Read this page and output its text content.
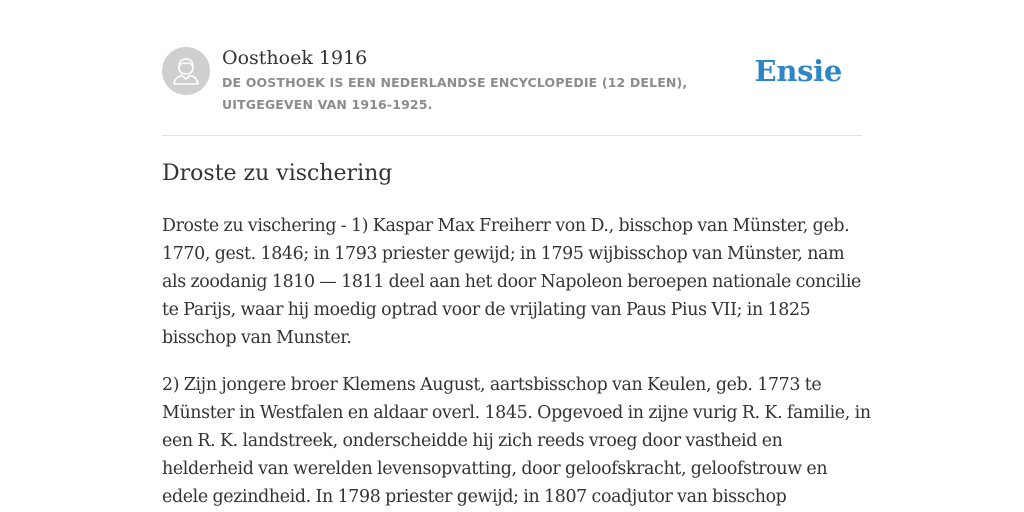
Oosthoek 1916

DE OOSTHOEK IS EEN NEDERLANDSE ENCYCLOPEDIE (12 DELEN), UITGEGEVEN VAN 1916-1925.

Ensie
Droste zu vischering

Droste zu vischering - 1) Kaspar Max Freiherr von D., bisschop van Münster, geb. 1770, gest. 1846; in 1793 priester gewijd; in 1795 wijbisschop van Münster, nam als zoodanig 1810 — 1811 deel aan het door Napoleon beroepen nationale concilie te Parijs, waar hij moedig optrad voor de vrijlating van Paus Pius VII; in 1825 bisschop van Munster.

2) Zijn jongere broer Klemens August, aartsbisschop van Keulen, geb. 1773 te Münster in Westfalen en aldaar overl. 1845. Opgevoed in zijne vurig R. K. familie, in een R. K. landstreek, onderscheidde hij zich reeds vroeg door vastheid en helderheid van werelden levensopvatting, door geloofskracht, geloofstrouw en edele gezindheid. In 1798 priester gewijd; in 1807 coadjutor van bisschop
